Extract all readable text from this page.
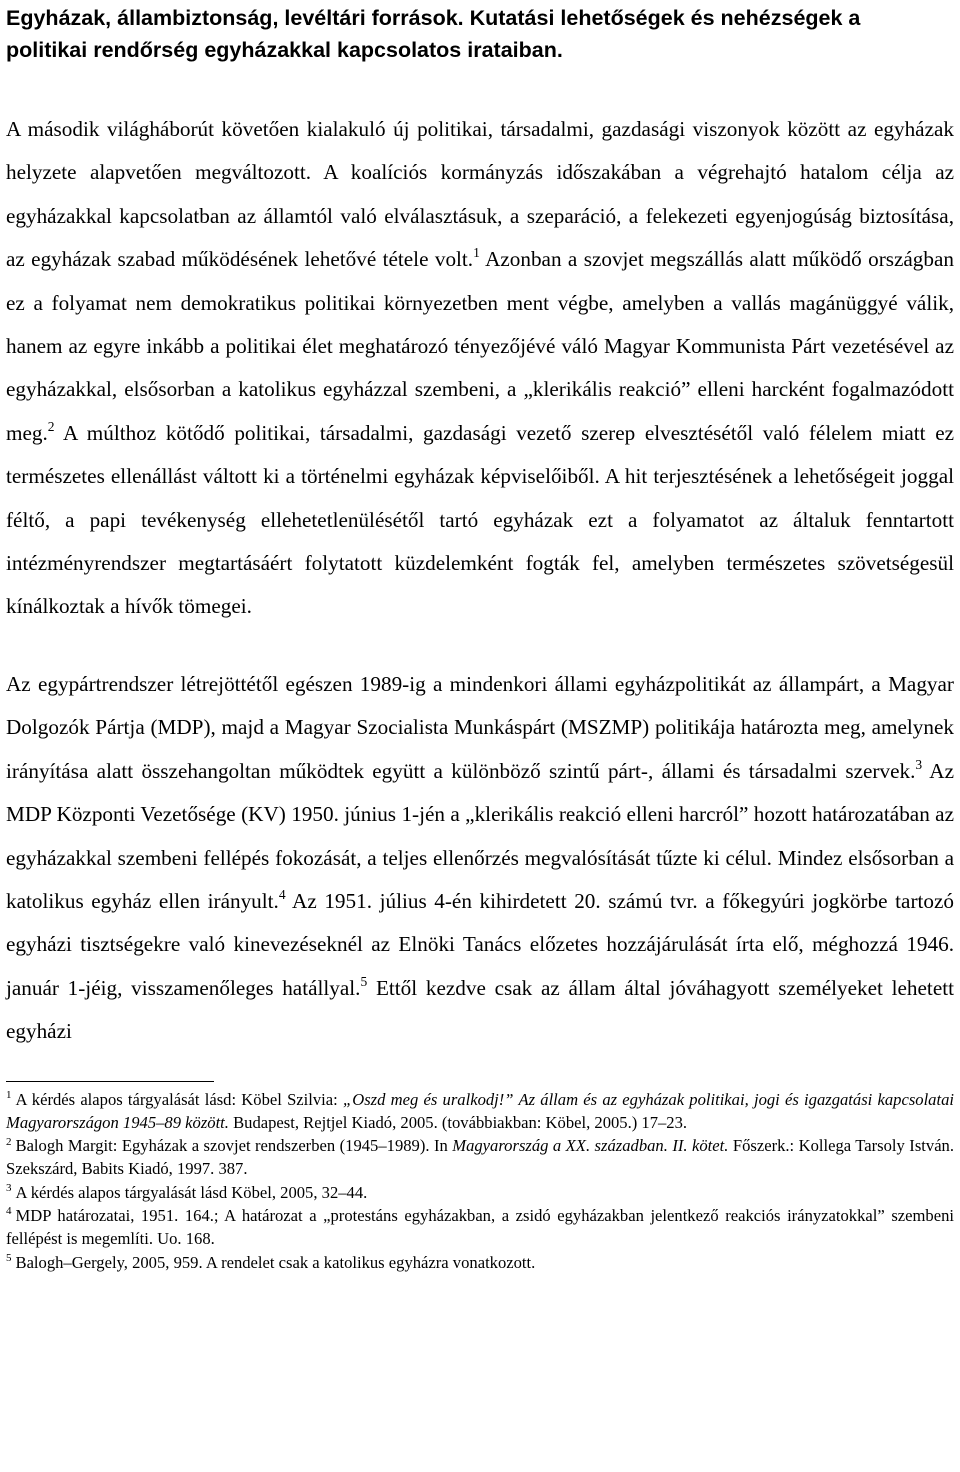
Egyházak, állambiztonság, levéltári források. Kutatási lehetőségek és nehézségek a
politikai rendőrség egyházakkal kapcsolatos irataiban.

A második világháborút követően kialakuló új politikai, társadalmi, gazdasági viszonyok között az egyházak helyzete alapvetően megváltozott. A koalíciós kormányzás időszakában a végrehajtó hatalom célja az egyházakkal kapcsolatban az államtól való elválasztásuk, a szeparáció, a felekezeti egyenjogúság biztosítása, az egyházak szabad működésének lehetővé tétele volt.$^1$ Azonban a szovjet megszállás alatt működő országban ez a folyamat nem demokratikus politikai környezetben ment végbe, amelyben a vallás magánüggyé válik, hanem az egyre inkább a politikai élet meghatározó tényezőjévé váló Magyar Kommunista Párt vezetésével az egyházakkal, elsősorban a katolikus egyházzal szembeni, a „klerikális reakció” elleni harcként fogalmazódott meg.$^2$ A múlthoz kötődő politikai, társadalmi, gazdasági vezető szerep elvesztésétől való félelem miatt ez természetes ellenállást váltott ki a történelmi egyházak képviselőiből. A hit terjesztésének a lehetőségeit joggal féltő, a papi tevékenység ellehetetlenülésétől tartó egyházak ezt a folyamatot az általuk fenntartott intézményrendszer megtartásáért folytatott küzdelemként fogták fel, amelyben természetes szövetségesül kínálkoztak a hívők tömegei.

Az egypártrendszer létrejöttétől egészen 1989-ig a mindenkori állami egyházpolitikát az állampárt, a Magyar Dolgozók Pártja (MDP), majd a Magyar Szocialista Munkáspárt (MSZMP) politikája határozta meg, amelynek irányítása alatt összehangoltan működtek együtt a különböző szintű párt-, állami és társadalmi szervek.$^3$ Az MDP Központi Vezetősége (KV) 1950. június 1-jén a „klerikális reakció elleni harcról” hozott határozatában az egyházakkal szembeni fellépés fokozását, a teljes ellenőrzés megvalósítását tűzte ki célul. Mindez elsősorban a katolikus egyház ellen irányult.$^4$ Az 1951. július 4-én kihirdetett 20. számú tvr. a főkegyúri jogkörbe tartozó egyházi tisztségekre való kinevezéseknél az Elnöki Tanács előzetes hozzájárulását írta elő, méghozzá 1946. január 1-jéig, visszamenőleges hatállyal.$^5$ Ettől kezdve csak az állam által jóváhagyott személyeket lehetett egyházi

$^1$ A kérdés alapos tárgyalását lásd: Köbel Szilvia: „Oszd meg és uralkodj!” Az állam és az egyházak politikai, jogi és igazgatási kapcsolatai Magyarországon 1945–89 között. Budapest, Rejtjel Kiadó, 2005. (továbbiakban: Köbel, 2005.) 17–23.

$^2$ Balogh Margit: Egyházak a szovjet rendszerben (1945–1989). In Magyarország a XX. században. II. kötet. Főszerk.: Kollega Tarsoly István. Szekszárd, Babits Kiadó, 1997. 387.

$^3$ A kérdés alapos tárgyalását lásd Köbel, 2005, 32–44.

$^4$ MDP határozatai, 1951. 164.; A határozat a „protestáns egyházakban, a zsidó egyházakban jelentkező reakciós irányzatokkal” szembeni fellépést is megemlíti. Uo. 168.

$^5$ Balogh–Gergely, 2005, 959. A rendelet csak a katolikus egyházra vonatkozott.
